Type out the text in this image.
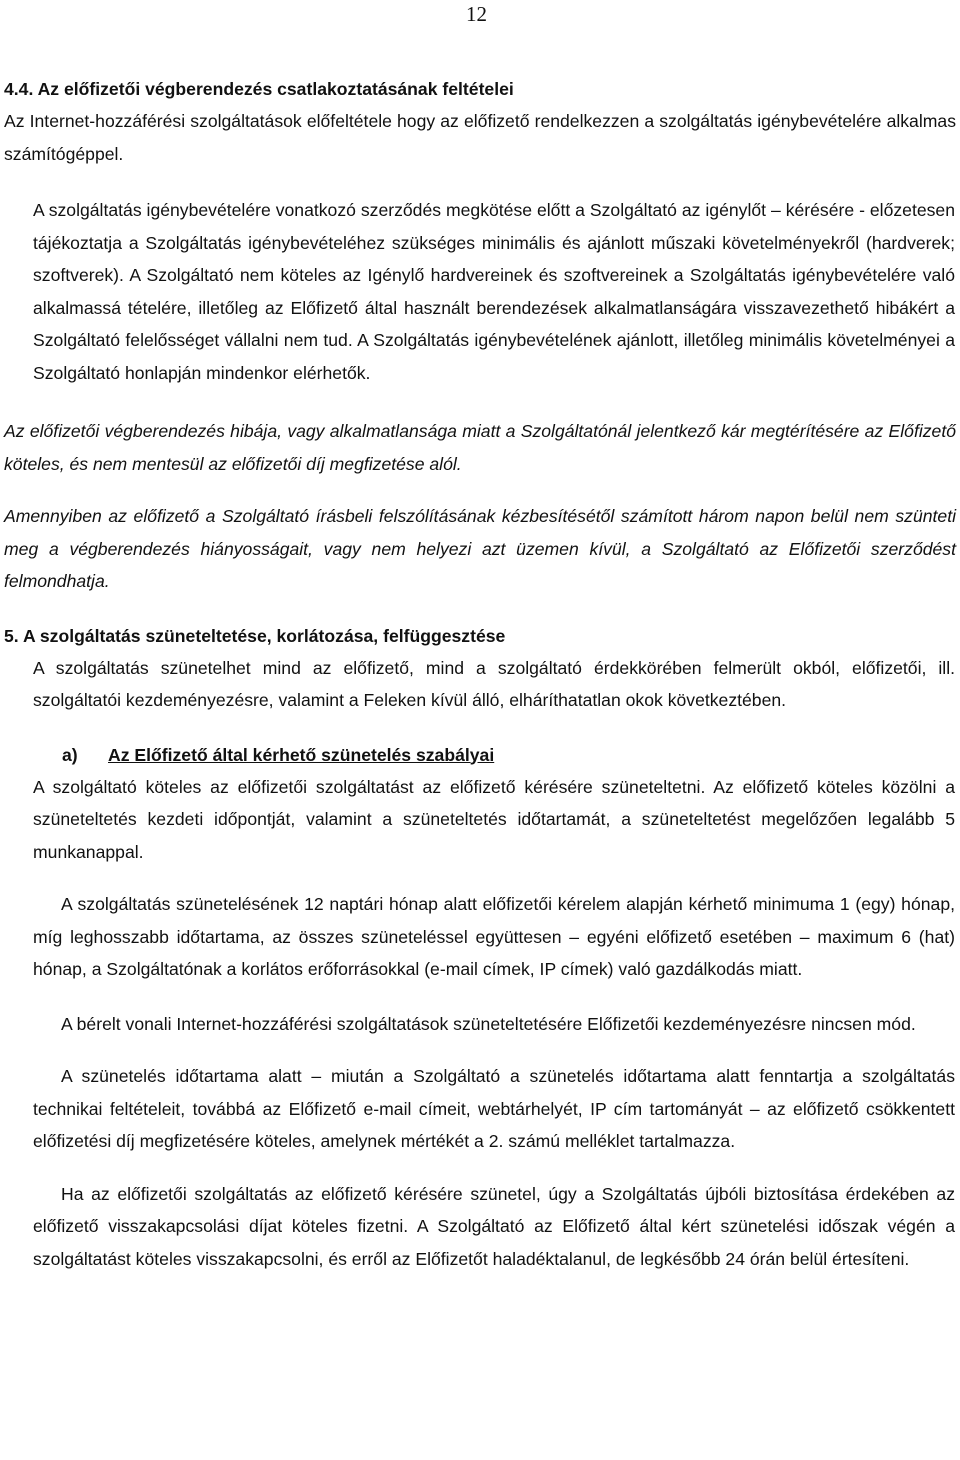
12
4.4. Az előfizetői végberendezés csatlakoztatásának feltételei

Az Internet-hozzáférési szolgáltatások előfeltétele hogy az előfizető rendelkezzen a szolgáltatás igénybevételére alkalmas számítógéppel.

A szolgáltatás igénybevételére vonatkozó szerződés megkötése előtt a Szolgáltató az igénylőt – kérésére - előzetesen tájékoztatja a Szolgáltatás igénybevételéhez szükséges minimális és ajánlott műszaki követelményekről (hardverek; szoftverek). A Szolgáltató nem köteles az Igénylő hardvereinek és szoftvereinek a Szolgáltatás igénybevételére való alkalmassá tételére, illetőleg az Előfizető által használt berendezések alkalmatlanságára visszavezethető hibákért a Szolgáltató felelősséget vállalni nem tud. A Szolgáltatás igénybevételének ajánlott, illetőleg minimális követelményei a Szolgáltató honlapján mindenkor elérhetők.

Az előfizetői végberendezés hibája, vagy alkalmatlansága miatt a Szolgáltatónál jelentkező kár megtérítésére az Előfizető köteles, és nem mentesül az előfizetői díj megfizetése alól.

Amennyiben az előfizető a Szolgáltató írásbeli felszólításának kézbesítésétől számított három napon belül nem szünteti meg a végberendezés hiányosságait, vagy nem helyezi azt üzemen kívül, a Szolgáltató az Előfizetői szerződést felmondhatja.

5. A szolgáltatás szüneteltetése, korlátozása, felfüggesztése

A szolgáltatás szünetelhet mind az előfizető, mind a szolgáltató érdekkörében felmerült okból, előfizetői, ill. szolgáltatói kezdeményezésre, valamint a Feleken kívül álló, elháríthatatlan okok következtében.

a) Az Előfizető által kérhető szünetelés szabályai

A szolgáltató köteles az előfizetői szolgáltatást az előfizető kérésére szüneteltetni. Az előfizető köteles közölni a szüneteltetés kezdeti időpontját, valamint a szüneteltetés időtartamát, a szüneteltetést megelőzően legalább 5 munkanappal.

A szolgáltatás szünetelésének 12 naptári hónap alatt előfizetői kérelem alapján kérhető minimuma 1 (egy) hónap, míg leghosszabb időtartama, az összes szüneteléssel együttesen – egyéni előfizető esetében – maximum 6 (hat) hónap, a Szolgáltatónak a korlátos erőforrásokkal (e-mail címek, IP címek) való gazdálkodás miatt.

A bérelt vonali Internet-hozzáférési szolgáltatások szüneteltetésére Előfizetői kezdeményezésre nincsen mód.

A szünetelés időtartama alatt – miután a Szolgáltató a szünetelés időtartama alatt fenntartja a szolgáltatás technikai feltételeit, továbbá az Előfizető e-mail címeit, webtárhelyét, IP cím tartományát – az előfizető csökkentett előfizetési díj megfizetésére köteles, amelynek mértékét a 2. számú melléklet tartalmazza.

Ha az előfizetői szolgáltatás az előfizető kérésére szünetel, úgy a Szolgáltatás újbóli biztosítása érdekében az előfizető visszakapcsolási díjat köteles fizetni. A Szolgáltató az Előfizető által kért szünetelési időszak végén a szolgáltatást köteles visszakapcsolni, és erről az Előfizetőt haladéktalanul, de legkésőbb 24 órán belül értesíteni.
